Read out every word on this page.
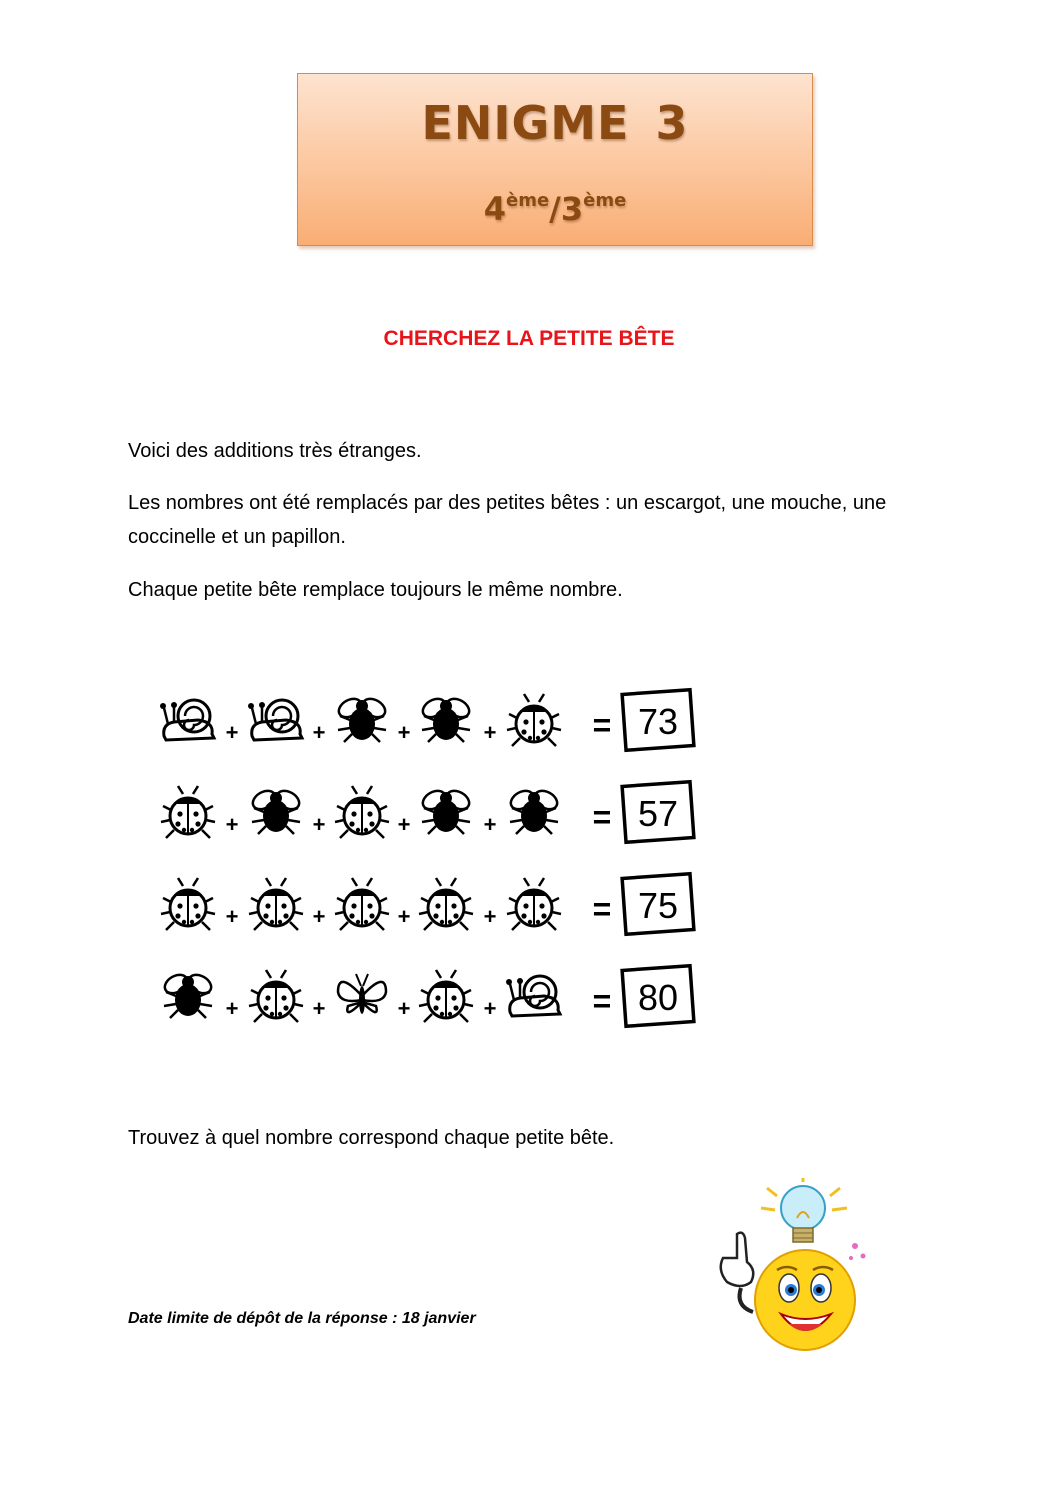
ENIGME 3
4ème/3ème
CHERCHEZ LA PETITE BÊTE
Voici des additions très étranges.
Les nombres ont été remplacés par des petites bêtes : un escargot, une mouche, une coccinelle et un papillon.
Chaque petite bête remplace toujours le même nombre.
+	+	+	+	= 73
+	+	+	+	= 57
+	+	+	+	= 75
+	+	+	+	= 80
Trouvez à quel nombre correspond chaque petite bête.
Date limite de dépôt de la réponse : 18 janvier
